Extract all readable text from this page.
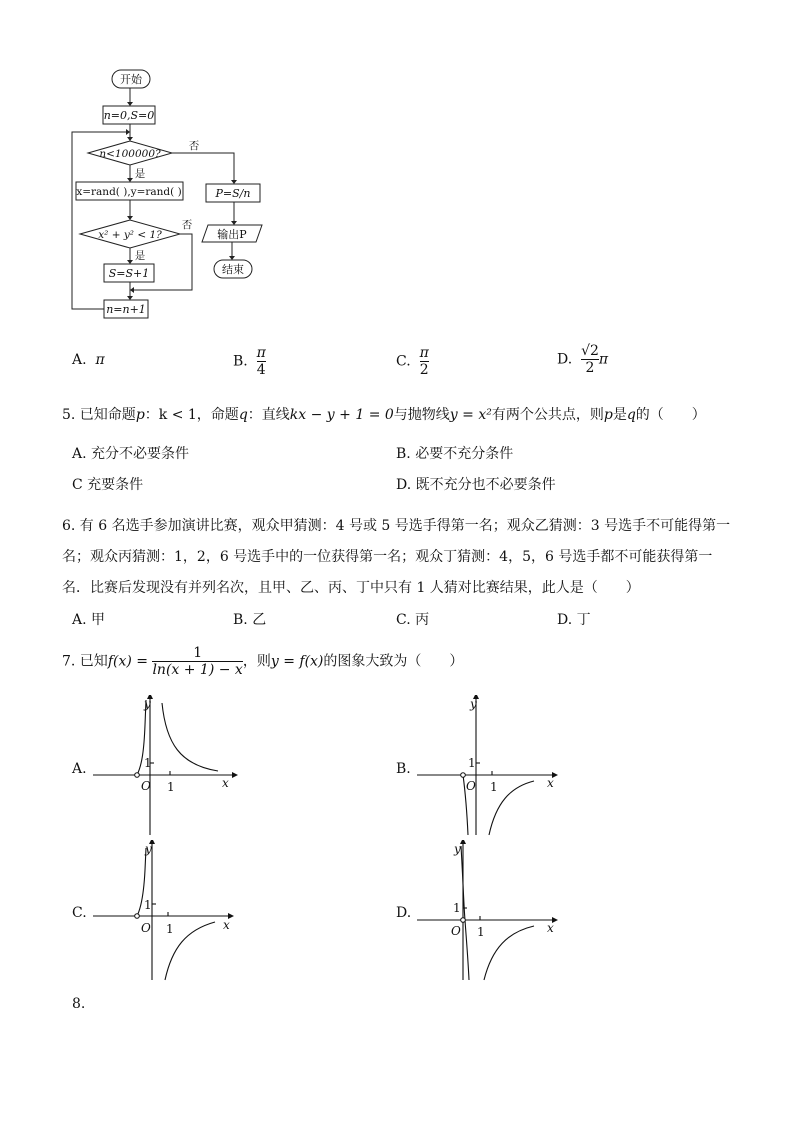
开始
n=0,S=0
n<100000?
是
否
x=rand( ),y=rand( )
x² + y² < 1?
是
否
S=S+1
n=n+1
P=S/n
输出P
结束
A. π	B. $\frac{\pi}{4}$	C. $\frac{\pi}{2}$	D. $\frac{√2}{2}$ π
5. 已知命题p：k < 1，命题q：直线kx − y + 1 = 0与抛物线y = x²有两个公共点，则p是q的（　　）
A. 充分不必要条件	B. 必要不充分条件
C 充要条件	D. 既不充分也不必要条件
6. 有 6 名选手参加演讲比赛，观众甲猜测：4 号或 5 号选手得第一名；观众乙猜测：3 号选手不可能得第一
名；观众丙猜测：1，2，6 号选手中的一位获得第一名；观众丁猜测：4，5，6 号选手都不可能获得第一
名．比赛后发现没有并列名次，且甲、乙、丙、丁中只有 1 人猜对比赛结果，此人是（　　）
A. 甲	B. 乙	C. 丙	D. 丁
7. 已知$f(x) = \frac{1}{\ln(x + 1) - x}$ ，则y = f(x)的图象大致为（　　）
A.
y
x
O
1
1
B.
y
x
O
1
1
C.
y
x
O
1
1
D.
y
x
O
1
1
8.
